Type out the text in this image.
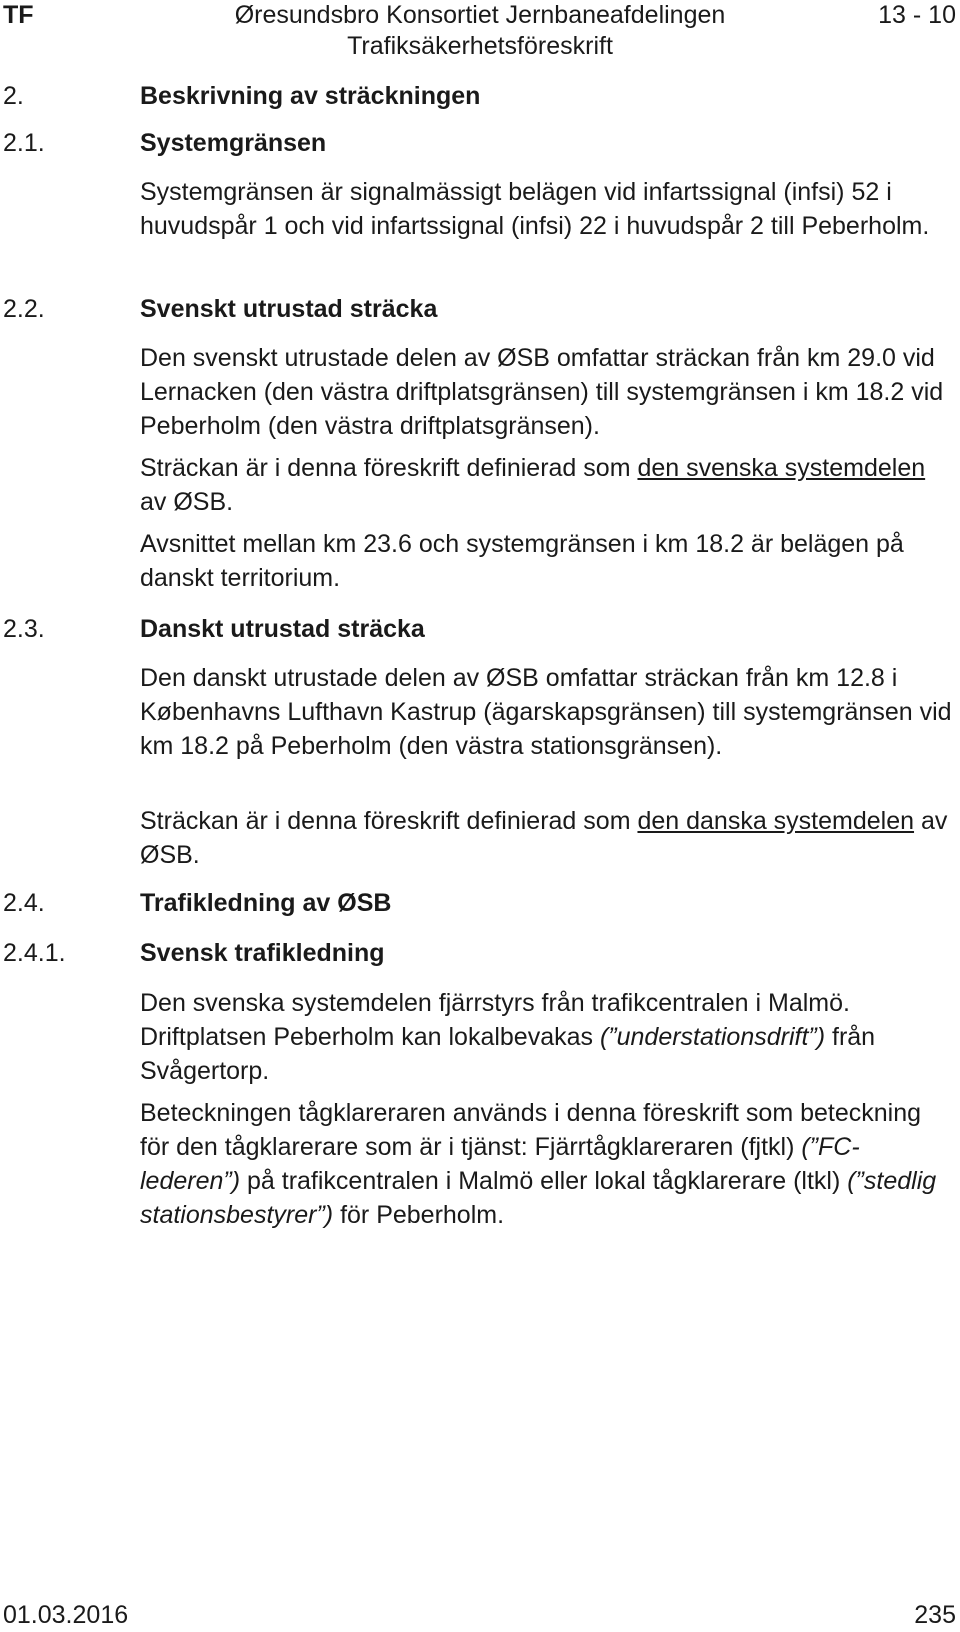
Øresundsbro Konsortiet Jernbaneafdelingen
Trafiksäkerhetsföreskrift
TF	13 - 10
2.	Beskrivning av sträckningen
2.1.	Systemgränsen

Systemgränsen är signalmässigt belägen vid infartssignal (infsi) 52 i huvudspår 1 och vid infartssignal (infsi) 22 i huvudspår 2 till Peberholm.

2.2.	Svenskt utrustad sträcka

Den svenskt utrustade delen av ØSB omfattar sträckan från km 29.0 vid Lernacken (den västra driftplatsgränsen) till systemgränsen i km 18.2 vid Peberholm (den västra driftplatsgränsen).

Sträckan är i denna föreskrift definierad som den svenska systemdelen av ØSB.

Avsnittet mellan km 23.6 och systemgränsen i km 18.2 är belägen på danskt territorium.

2.3.	Danskt utrustad sträcka

Den danskt utrustade delen av ØSB omfattar sträckan från km 12.8 i Københavns Lufthavn Kastrup (ägarskapsgränsen) till systemgränsen vid km 18.2 på Peberholm (den västra stationsgränsen).

Sträckan är i denna föreskrift definierad som den danska systemdelen av ØSB.

2.4.	Trafikledning av ØSB
2.4.1.	Svensk trafikledning

Den svenska systemdelen fjärrstyrs från trafikcentralen i Malmö. Driftplatsen Peberholm kan lokalbevakas (”understationsdrift”) från Svågertorp.

Beteckningen tågklareraren används i denna föreskrift som beteckning för den tågklarerare som är i tjänst: Fjärrtågklareraren (fjtkl) (”FC-lederen”) på trafikcentralen i Malmö eller lokal tågklarerare (ltkl) (”stedlig stationsbestyrer”) för Peberholm.

01.03.2016	235
